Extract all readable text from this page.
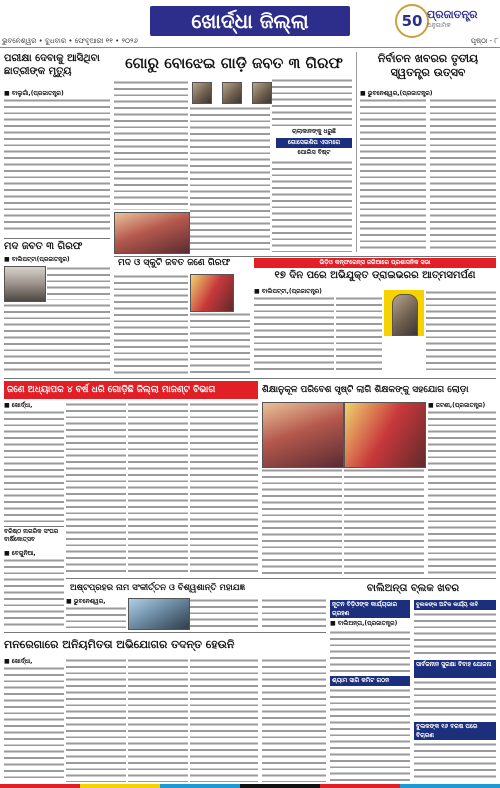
ଖୋର୍ଦ୍ଧା ଜିଲ୍ଲା	50 ପ୍ରଜାତନ୍ତ୍ର
ଅନୁଗାମିକ
ଭୁବନେଶ୍ୱର • ବୁଧବାର • ଫେବୃଆରୀ ୧୧ • ୨୦୨୬	ପୃଷ୍ଠା - ୮
ପରୀକ୍ଷା ଦେବାକୁ ଆସିଥିବା ଛାତ୍ରୀଙ୍କ ମୃତ୍ୟୁ
■ ବାଲୁଗାଁ,(ପ୍ରଜାତନ୍ତ୍ର)
ମଦ ଜବତ ୩ ଗିରଫ
■ ବାଲିପଟ୍ଟା(ପ୍ରଜାତନ୍ତ୍ର)
ଗୋରୁ ବୋଝେଇ ଗାଡ଼ି ଜବତ ୩ ଗିରଫ
ଚାଲାକାନଙ୍କୁ ଧରୁଛି
ଗୋସେଇଶିପ ଏସମଗେ
ପୋଲିସ ବିଷ୍ଟ
ନିର୍ବାଚନ ଖବରର ତୃତୀୟ ସ୍ୱତନ୍ତ୍ର ଉତ୍ସବ
■ ଭୁବନେଶ୍ୱର,(ପ୍ରଜାତନ୍ତ୍ର)
ମଦ ଓ ସ୍କୁଟି ଜବତ ଜଣେ ଗିରଫ	ଭିଡ଼ିଓ କନ୍ଫରେନ୍ସ ଜରିଆରେ ପ୍ରଶାସନିକ ସଭା
୧୭ ଦିନ ପରେ ଅଭିଯୁକ୍ତ ଡ୍ରାଇଭରର ଆତ୍ମସମର୍ପଣ
■ ବାଲିପଟ୍ଟା,(ପ୍ରଜାତନ୍ତ୍ର)
ଜଣେ ଅଧ୍ୟାପକ ୪ ବର୍ଷ ଧରି ଗୋଡ଼ିଛି ଜିଲ୍ଲା ମାଜଣ୍ଟ ବିଭାଗ
■ ଖୋର୍ଦ୍ଧା,
ଶିକ୍ଷାନୁକୂଳ ପରିବେଶ ସୃଷ୍ଟି ଲାଗି ଶିକ୍ଷକଙ୍କୁ ସହଯୋଗ ଲୋଡ଼ା
■ ଜଟଣୀ,(ପ୍ରଜାତନ୍ତ୍ର)
ବରିଷ୍ଠ ନାଗରିକ ସଂଘର ବାର୍ଷିକୋତ୍ସବ
■ ବେଗୁନିଆ,
ଅଷ୍ଟପ୍ରହର ନାମ ସଂକୀର୍ତ୍ତନ ଓ ବିଶ୍ୱଶାନ୍ତି ମହାଯଜ୍ଞ
■ ଭୁବନେଶ୍ୱର,
ବାଲିଅନ୍ତା ବ୍ଲକ ଖବର
ନୂତନ ବିଡ଼ିଓଙ୍କ କାର୍ଯ୍ୟଭାର ଗ୍ରହଣ
■ ବାଲିଅନ୍ତା,(ପ୍ରଜାତନ୍ତ୍ର)
ମନରେଗାରେ ଅନିୟମିତତା ଅଭିଯୋଗର ତଦନ୍ତ ହେଉନି
■ ଖୋର୍ଦ୍ଧା,
ଶ୍ୟାମ ସାଗି କମିଟ ଗଠନ
ବୁଲକଙ୍କ ଅଟିକ କାର୍ଯ୍ୟ ଦାବି
ସାର୍ବଜନୀନ ସୁରକ୍ଷା ବିବାହ ଯୋଜନା
ବୁଲକଙ୍କ ୧୬ ବରଷ ପରେ ବିଚାରଣ
